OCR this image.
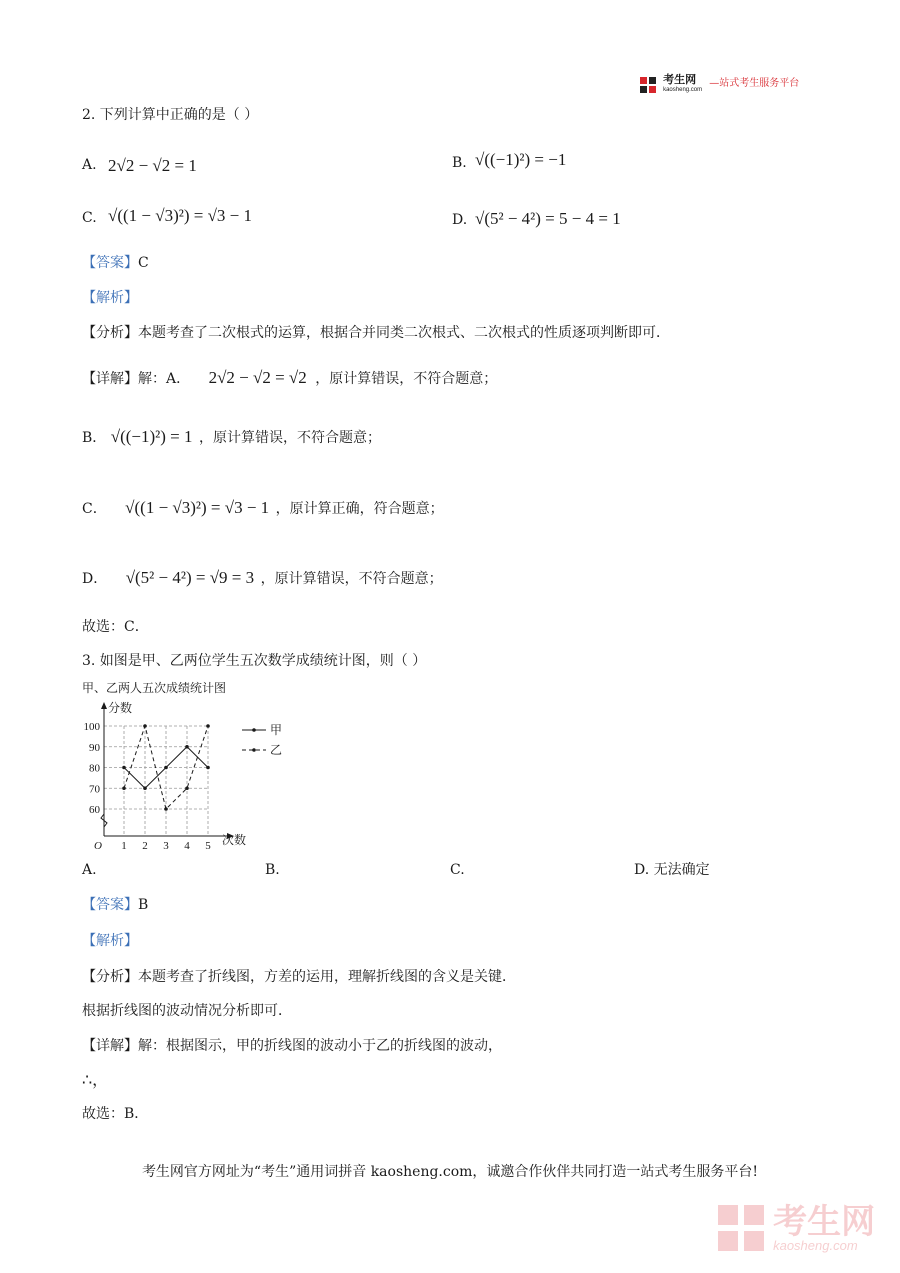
考生网
kaosheng.com
$^{—站式考生服务平台}$
2. 下列计算中正确的是（ ）
A. 2√2 − √2 = 1	B. √((−1)²) = −1
C. √((1 − √3)²) = √3 − 1	D. √(5² − 4²) = 5 − 4 = 1
【答案】C
【解析】
【分析】本题考查了二次根式的运算，根据合并同类二次根式、二次根式的性质逐项判断即可．
【详解】解：A． 2√2 − √2 = √2 ，原计算错误，不符合题意；
B． √((−1)²) = 1 ，原计算错误，不符合题意；
C． √((1 − √3)²) = √3 − 1 ，原计算正确，符合题意；
D． √(5² − 4²) = √9 = 3 ，原计算错误，不符合题意；
故选：C．
3. 如图是甲、乙两位学生五次数学成绩统计图，则（ ）
甲、乙两人五次成绩统计图
60
70
80
90
100
1 2 3 4 5
分数
次数
O
甲
乙
A.	B.	C.	D. 无法确定
【答案】B
【解析】
【分析】本题考查了折线图，方差的运用，理解折线图的含义是关键．
根据折线图的波动情况分析即可．
【详解】解：根据图示，甲的折线图的波动小于乙的折线图的波动，
∴，
故选：B．
考生网官方网址为“考生”通用词拼音 kaosheng.com，诚邀合作伙伴共同打造一站式考生服务平台!

考生网
kaosheng.com
